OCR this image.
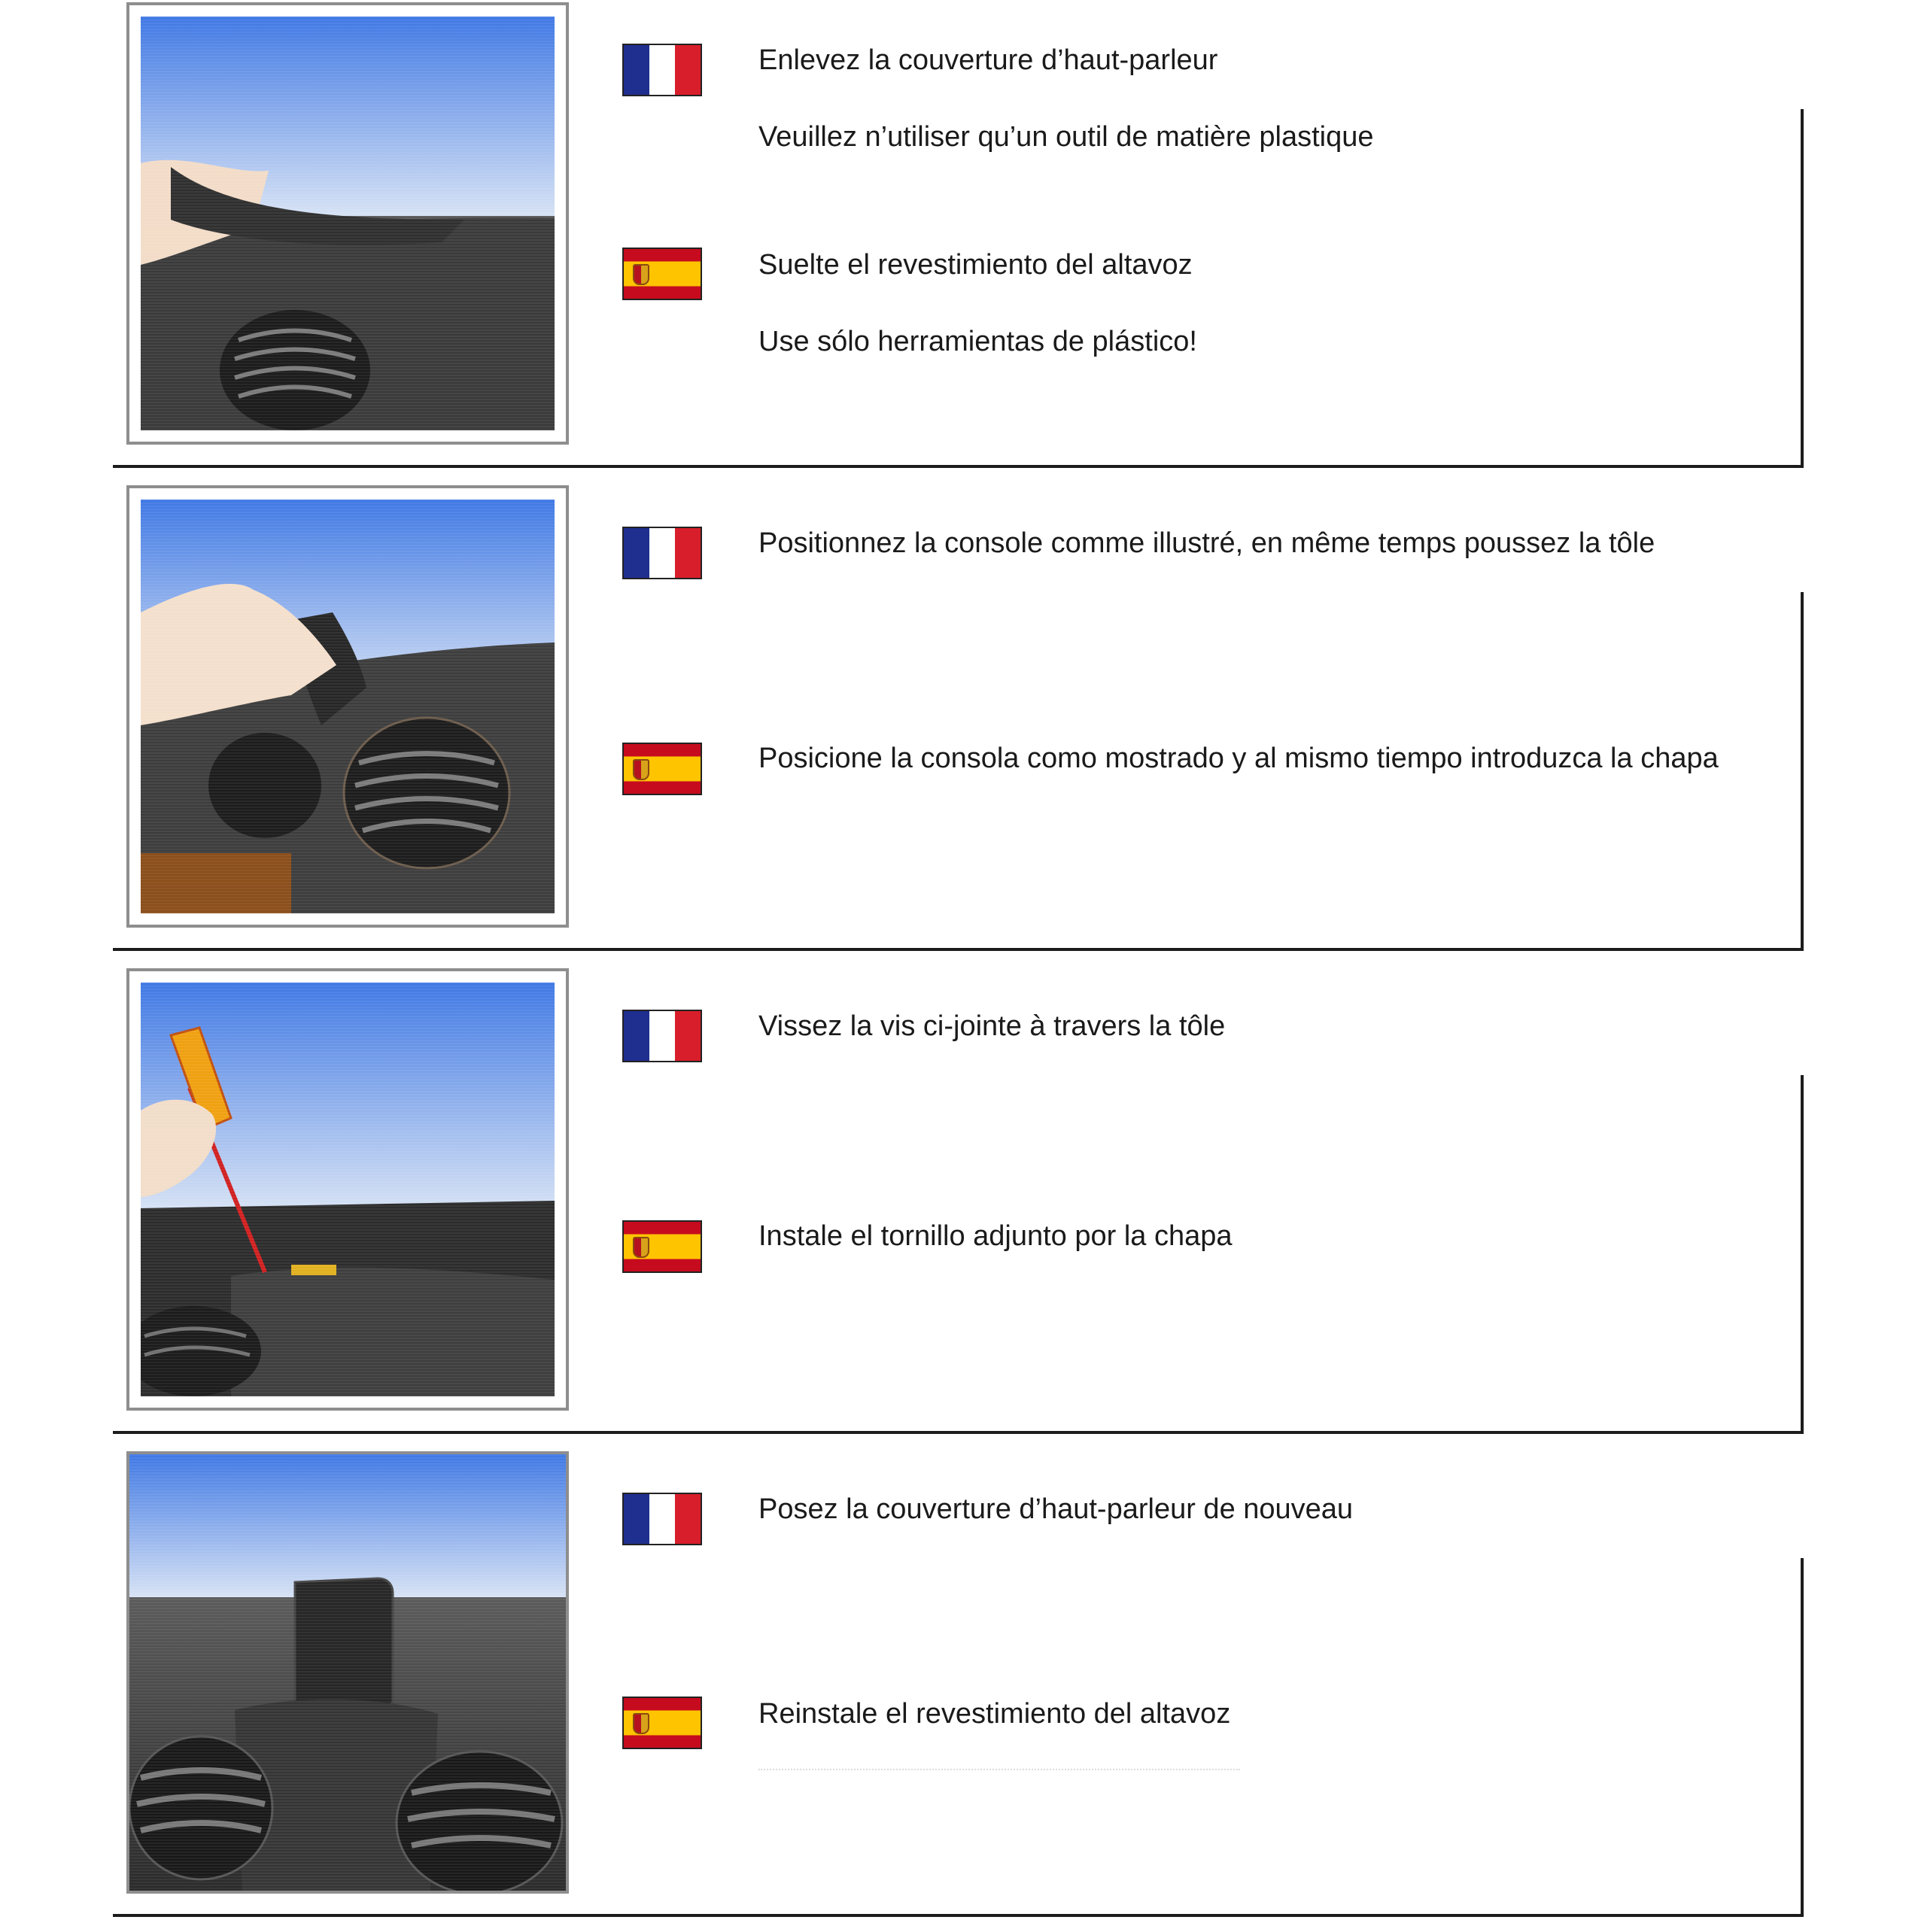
Enlevez la couverture d’haut-parleur

Veuillez n’utiliser qu’un outil de matière plastique

Suelte el revestimiento del altavoz

Use sólo herramientas de plástico!

Positionnez la console comme illustré, en même temps poussez la tôle

Posicione la consola como mostrado y al mismo tiempo introduzca la chapa

Vissez la vis ci-jointe à travers la tôle

Instale el tornillo adjunto por la chapa

Posez la couverture d’haut-parleur de nouveau

Reinstale el revestimiento del altavoz
